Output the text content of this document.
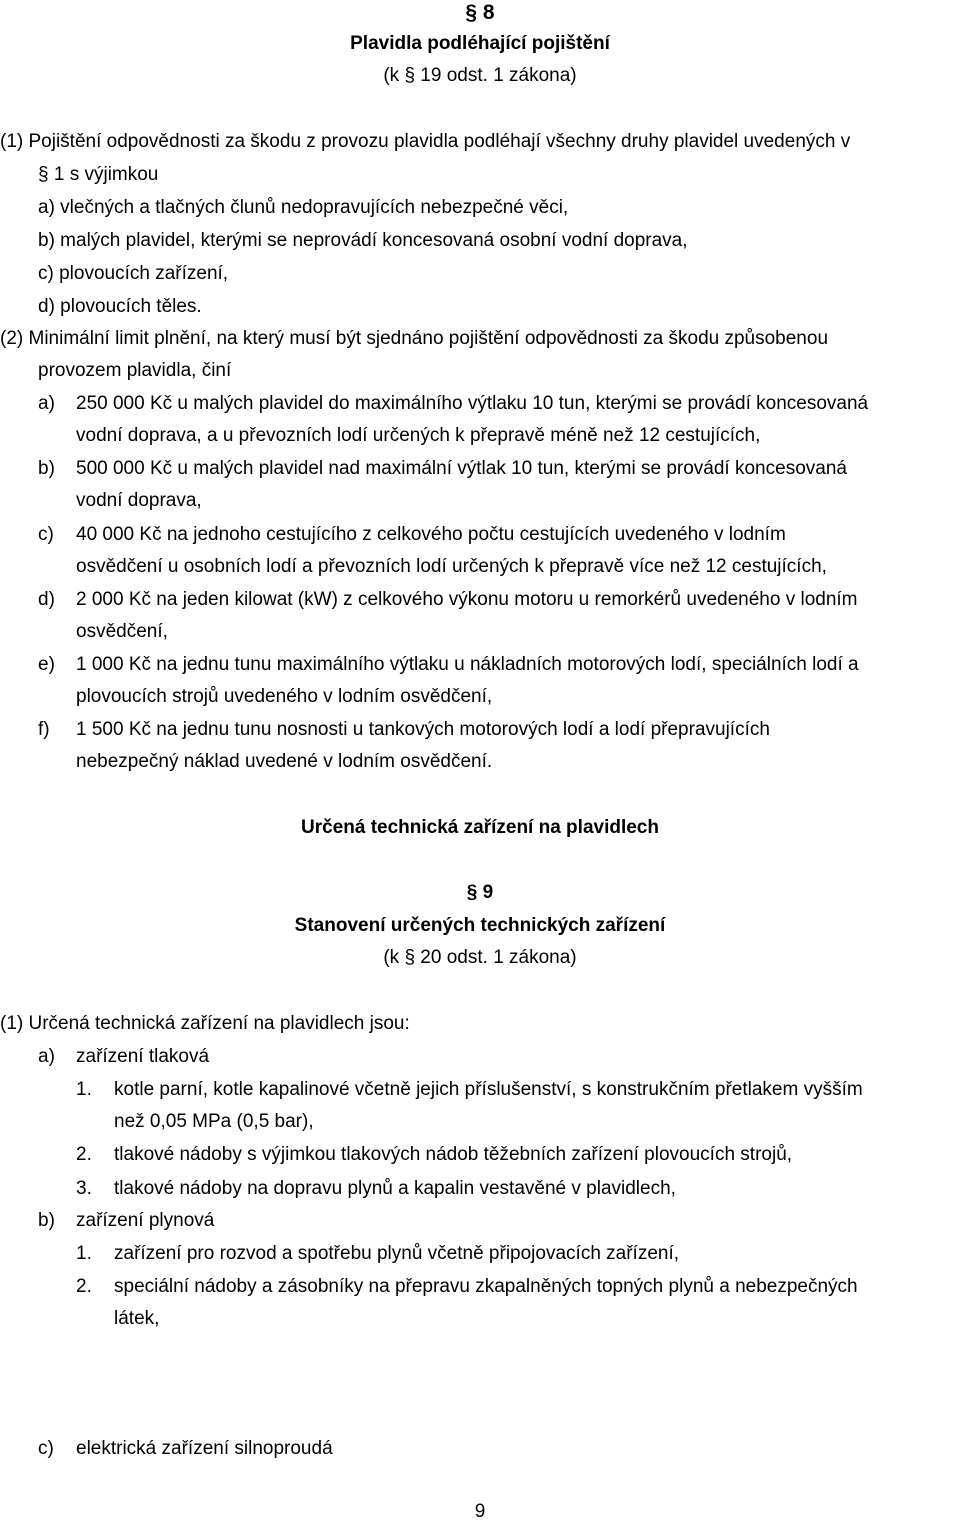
§ 8
Plavidla podléhající pojištění
(k § 19 odst. 1 zákona)
(1) Pojištění odpovědnosti za škodu z provozu plavidla podléhají všechny druhy plavidel uvedených v
§ 1 s výjimkou
a) vlečných a tlačných člunů nedopravujících nebezpečné věci,
b) malých plavidel, kterými se neprovádí koncesovaná osobní vodní doprava,
c) plovoucích zařízení,
d) plovoucích těles.
(2) Minimální limit plnění, na který musí být sjednáno pojištění odpovědnosti za škodu způsobenou
provozem plavidla, činí
a) 250 000 Kč u malých plavidel do maximálního výtlaku 10 tun, kterými se provádí koncesovaná
vodní doprava, a u převozních lodí určených k přepravě méně než 12 cestujících,
b) 500 000 Kč u malých plavidel nad maximální výtlak 10 tun, kterými se provádí koncesovaná
vodní doprava,
c) 40 000 Kč na jednoho cestujícího z celkového počtu cestujících uvedeného v lodním
osvědčení u osobních lodí a převozních lodí určených k přepravě více než 12 cestujících,
d) 2 000 Kč na jeden kilowat (kW) z celkového výkonu motoru u remorkérů uvedeného v lodním
osvědčení,
e) 1 000 Kč na jednu tunu maximálního výtlaku u nákladních motorových lodí, speciálních lodí a
plovoucích strojů uvedeného v lodním osvědčení,
f) 1 500 Kč na jednu tunu nosnosti u tankových motorových lodí a lodí přepravujících
nebezpečný náklad uvedené v lodním osvědčení.
Určená technická zařízení na plavidlech
§ 9
Stanovení určených technických zařízení
(k § 20 odst. 1 zákona)
(1) Určená technická zařízení na plavidlech jsou:
a) zařízení tlaková
1. kotle parní, kotle kapalinové včetně jejich příslušenství, s konstrukčním přetlakem vyšším
než 0,05 MPa (0,5 bar),
2. tlakové nádoby s výjimkou tlakových nádob těžebních zařízení plovoucích strojů,
3. tlakové nádoby na dopravu plynů a kapalin vestavěné v plavidlech,
b) zařízení plynová
1. zařízení pro rozvod a spotřebu plynů včetně připojovacích zařízení,
2. speciální nádoby a zásobníky na přepravu zkapalněných topných plynů a nebezpečných
látek,
c) elektrická zařízení silnoproudá
9
